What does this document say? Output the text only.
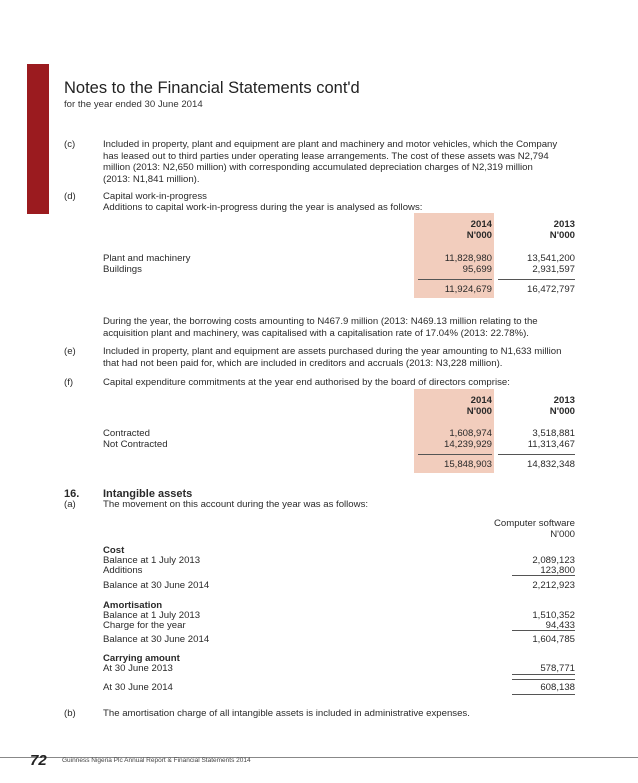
Notes to the Financial Statements cont'd
for the year ended 30 June 2014
(c)	Included in property, plant and equipment are plant and machinery and motor vehicles, which the Company
has leased out to third parties under operating lease arrangements. The cost of these assets was N2,794
million (2013: N2,650 million) with corresponding accumulated depreciation charges of N2,319 million
(2013: N1,841 million).
(d)	Capital work-in-progress
Additions to capital work-in-progress during the year is analysed as follows:
2014
N'000
2013
N'000
Plant and machinery	11,828,980	13,541,200
Buildings	95,699	2,931,597
11,924,679	16,472,797
During the year, the borrowing costs amounting to N467.9 million (2013: N469.13 million relating to the
acquisition plant and machinery, was capitalised with a capitalisation rate of 17.04% (2013: 22.78%).
(e)	Included in property, plant and equipment are assets purchased during the year amounting to N1,633 million
that had not been paid for, which are included in creditors and accruals (2013: N3,228 million).
(f)	Capital expenditure commitments at the year end authorised by the board of directors comprise:
2014
N'000
2013
N'000
Contracted	1,608,974	3,518,881
Not Contracted	14,239,929	11,313,467
15,848,903	14,832,348
16. Intangible assets
(a)	The movement on this account during the year was as follows:
Computer software
N'000
Cost
Balance at 1 July 2013	2,089,123
Additions	123,800
Balance at 30 June 2014	2,212,923
Amortisation
Balance at 1 July 2013	1,510,352
Charge for the year	94,433
Balance at 30 June 2014	1,604,785
Carrying amount
At 30 June 2013	578,771
At 30 June 2014	608,138
(b)	The amortisation charge of all intangible assets is included in administrative expenses.
72 Guinness Nigeria Plc Annual Report & Financial Statements 2014
